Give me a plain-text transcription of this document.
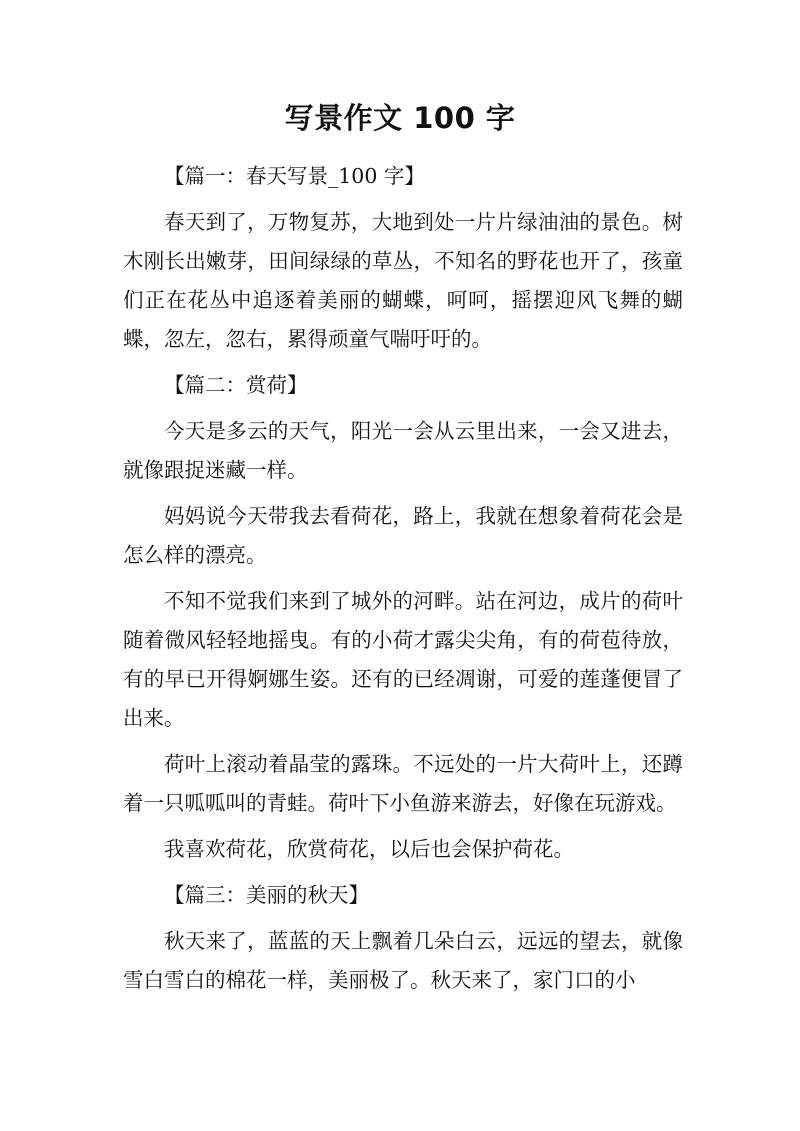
写景作文 100 字

【篇一：春天写景_100 字】

春天到了，万物复苏，大地到处一片片绿油油的景色。树木刚长出嫩芽，田间绿绿的草丛，不知名的野花也开了，孩童们正在花丛中追逐着美丽的蝴蝶，呵呵，摇摆迎风飞舞的蝴蝶，忽左，忽右，累得顽童气喘吁吁的。

【篇二：赏荷】

今天是多云的天气，阳光一会从云里出来，一会又进去，就像跟捉迷藏一样。

妈妈说今天带我去看荷花，路上，我就在想象着荷花会是怎么样的漂亮。

不知不觉我们来到了城外的河畔。站在河边，成片的荷叶随着微风轻轻地摇曳。有的小荷才露尖尖角，有的荷苞待放，有的早已开得婀娜生姿。还有的已经凋谢，可爱的莲蓬便冒了出来。

荷叶上滚动着晶莹的露珠。不远处的一片大荷叶上，还蹲着一只呱呱叫的青蛙。荷叶下小鱼游来游去，好像在玩游戏。

我喜欢荷花，欣赏荷花，以后也会保护荷花。

【篇三：美丽的秋天】

秋天来了，蓝蓝的天上飘着几朵白云，远远的望去，就像雪白雪白的棉花一样，美丽极了。秋天来了，家门口的小
